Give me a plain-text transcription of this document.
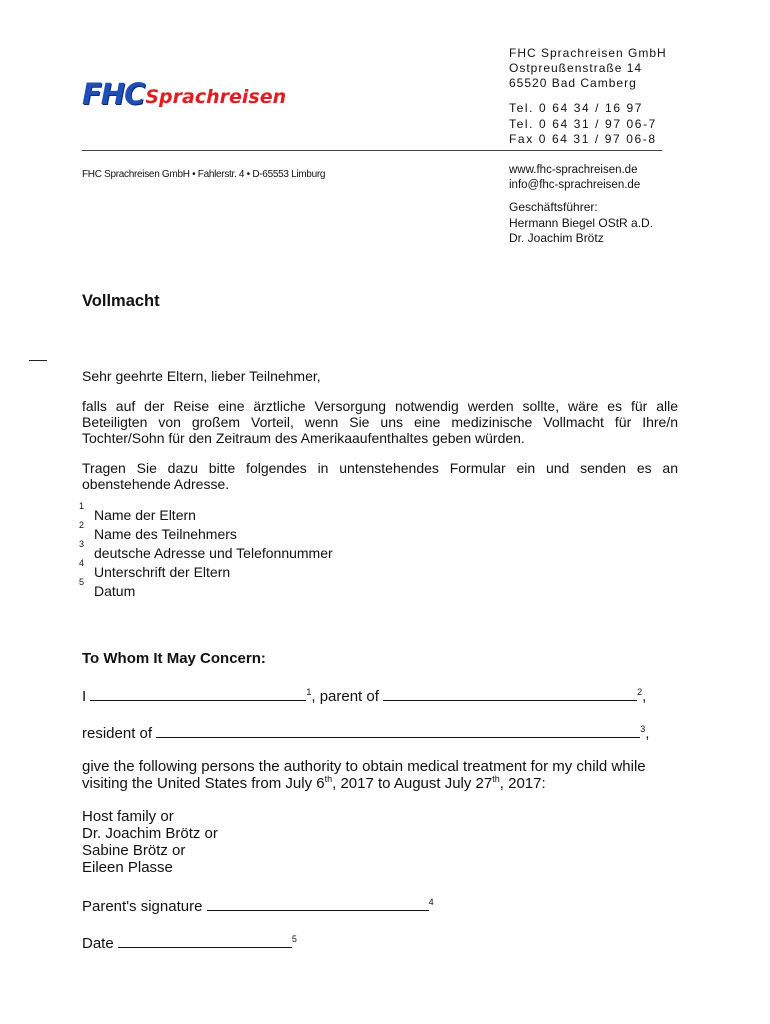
FHC Sprachreisen
FHC Sprachreisen GmbH
Ostpreußenstraße 14
65520 Bad Camberg
Tel. 0 64 34 / 16 97
Tel. 0 64 31 / 97 06-7
Fax 0 64 31 / 97 06-8
FHC Sprachreisen GmbH • Fahlerstr. 4 • D-65553 Limburg	www.fhc-sprachreisen.de
info@fhc-sprachreisen.de
Geschäftsführer:
Hermann Biegel OStR a.D.
Dr. Joachim Brötz
Vollmacht
Sehr geehrte Eltern, lieber Teilnehmer,
falls auf der Reise eine ärztliche Versorgung notwendig werden sollte, wäre es für alle Beteiligten von großem Vorteil, wenn Sie uns eine medizinische Vollmacht für Ihre/n Tochter/Sohn für den Zeitraum des Amerikaaufenthaltes geben würden.
Tragen Sie dazu bitte folgendes in untenstehendes Formular ein und senden es an obenstehende Adresse.
1
Name der Eltern
2
Name des Teilnehmers
3
deutsche Adresse und Telefonnummer
4
Unterschrift der Eltern
5
Datum
To Whom It May Concern:
I	$^1$, parent of	$^2$,
resident of	$^3$,
give the following persons the authority to obtain medical treatment for my child while
visiting the United States from July 6th, 2017 to August July 27th, 2017:
Host family or
Dr. Joachim Brötz or
Sabine Brötz or
Eileen Plasse
Parent's signature	$^4$
Date	$^5$
